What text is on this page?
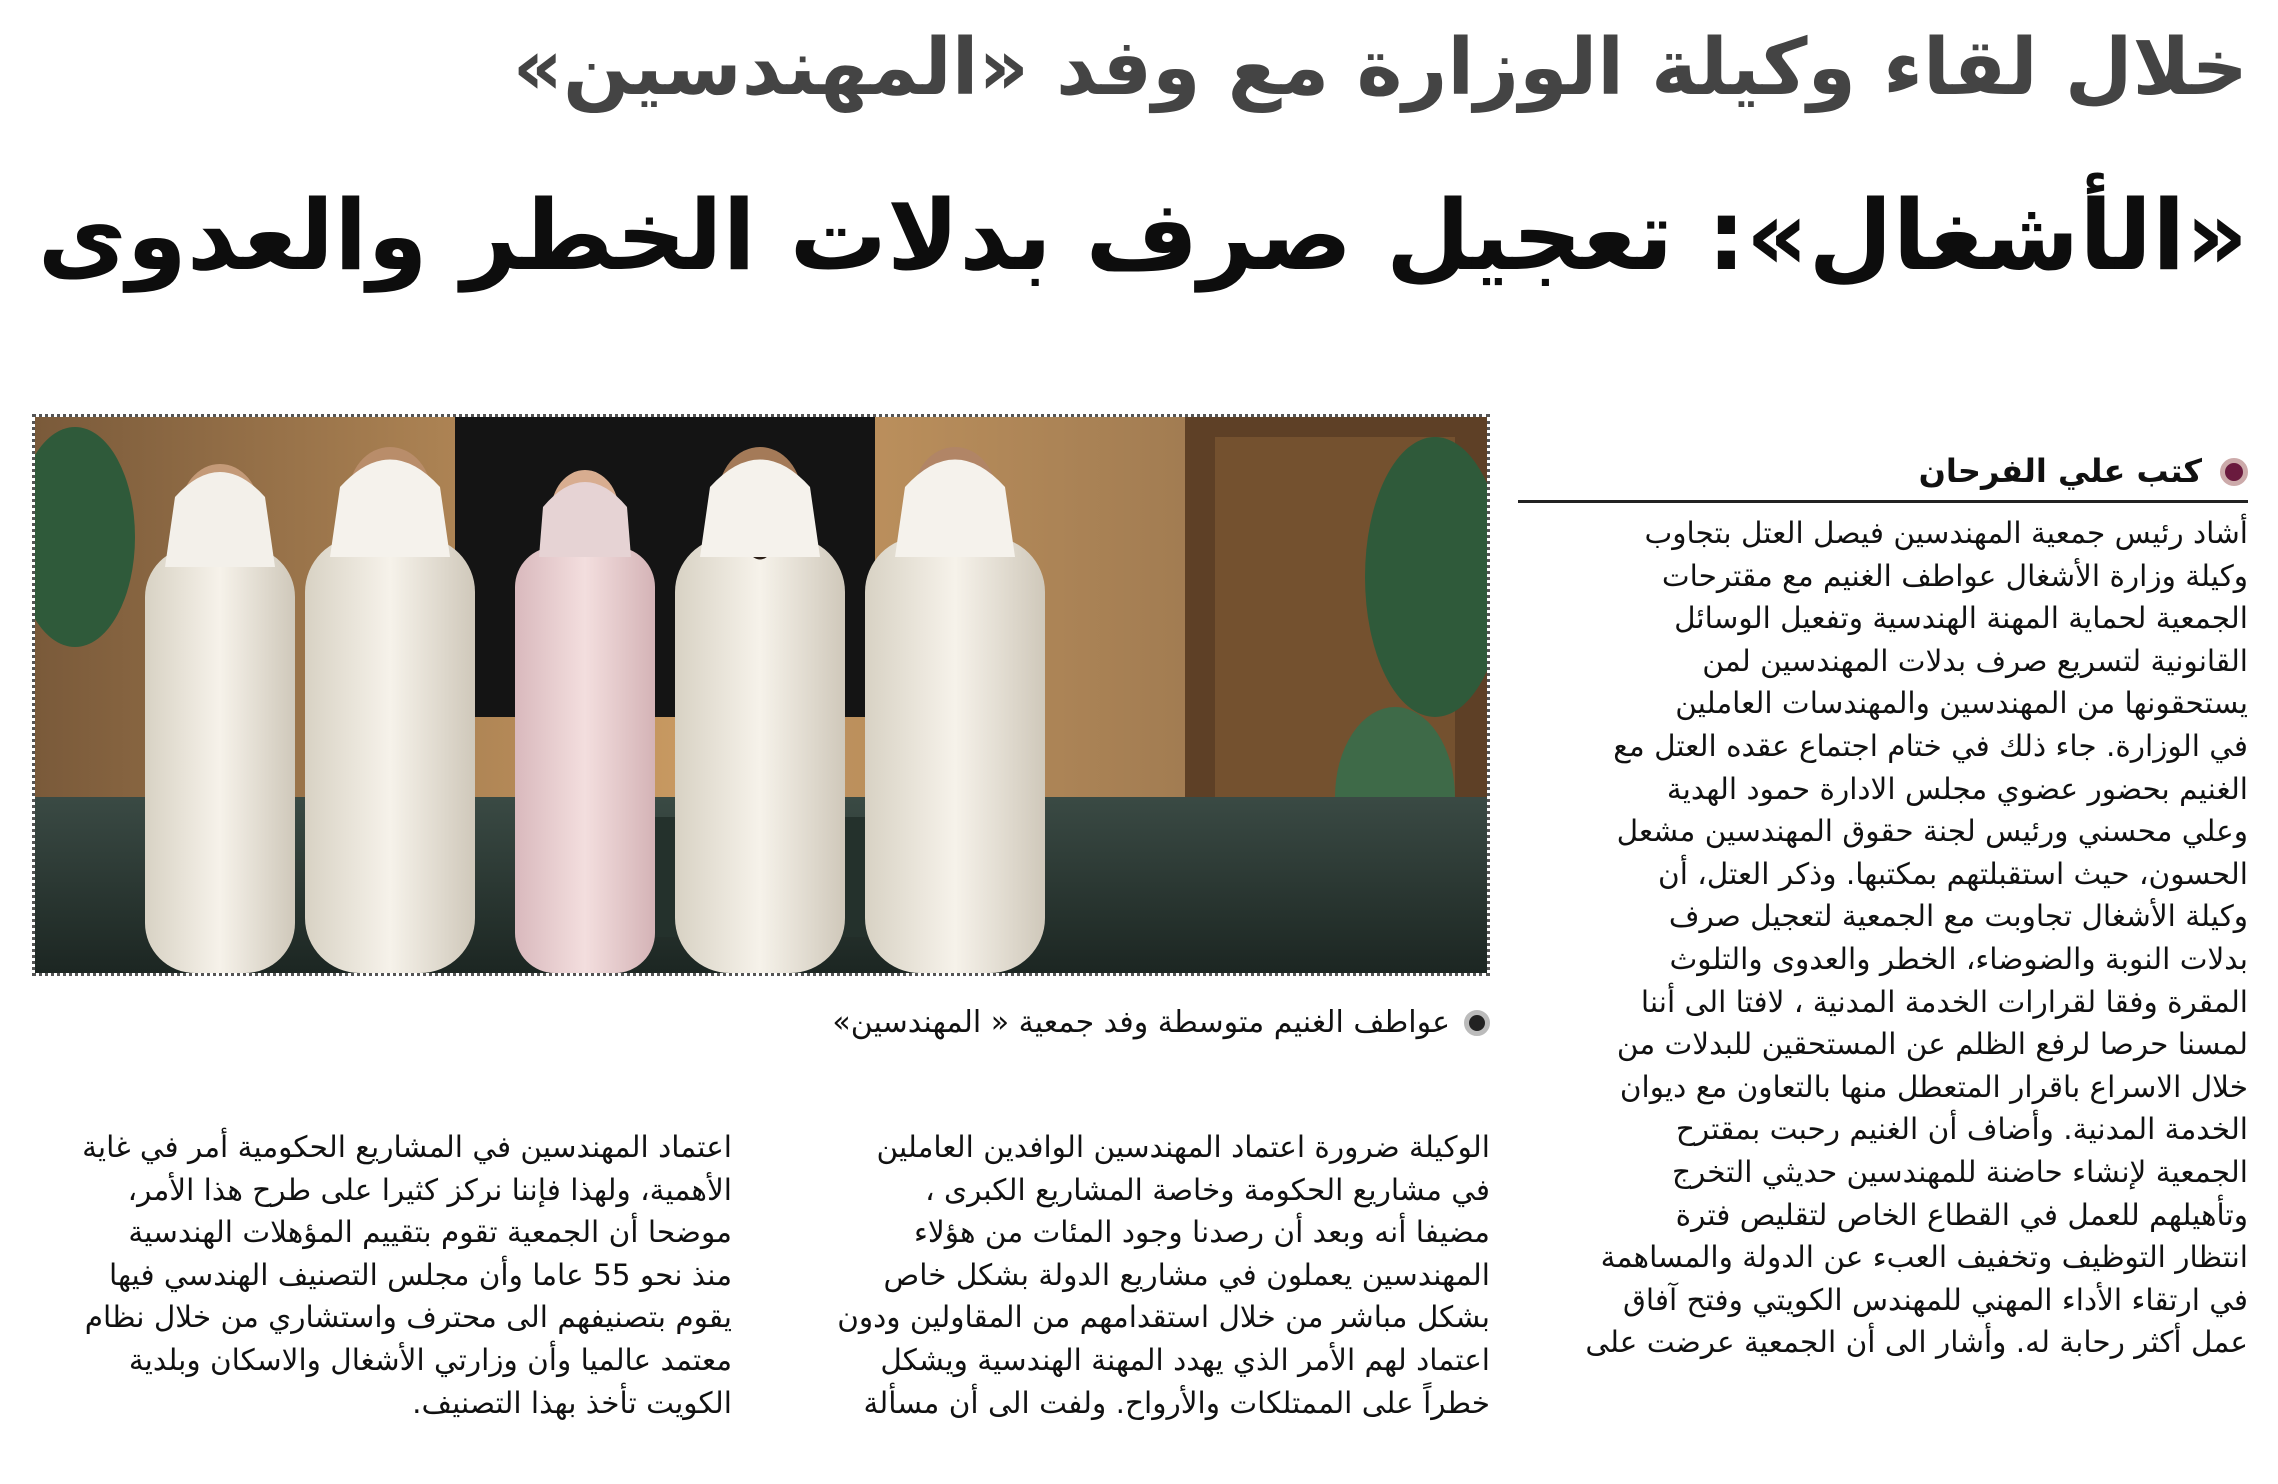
خلال لقاء وكيلة الوزارة مع وفد «المهندسين»
«الأشغال»: تعجيل صرف بدلات الخطر والعدوى
عواطف الغنيم متوسطة وفد جمعية « المهندسين»
كتب علي الفرحان

أشاد رئيس جمعية المهندسين فيصل العتل بتجاوب

وكيلة وزارة الأشغال عواطف الغنيم مع مقترحات

الجمعية لحماية المهنة الهندسية وتفعيل الوسائل

القانونية لتسريع صرف بدلات المهندسين لمن

يستحقونها من المهندسين والمهندسات العاملين

في الوزارة. جاء ذلك في ختام اجتماع عقده العتل مع

الغنيم بحضور عضوي مجلس الادارة حمود الهدية

وعلي محسني ورئيس لجنة حقوق المهندسين مشعل

الحسون، حيث استقبلتهم بمكتبها. وذكر العتل، أن

وكيلة الأشغال تجاوبت مع الجمعية لتعجيل صرف

بدلات النوبة والضوضاء، الخطر والعدوى والتلوث

المقرة وفقا لقرارات الخدمة المدنية ، لافتا الى أننا

لمسنا حرصا لرفع الظلم عن المستحقين للبدلات من

خلال الاسراع باقرار المتعطل منها بالتعاون مع ديوان

الخدمة المدنية. وأضاف أن الغنيم رحبت بمقترح

الجمعية لإنشاء حاضنة للمهندسين حديثي التخرج

وتأهيلهم للعمل في القطاع الخاص لتقليص فترة

انتظار التوظيف وتخفيف العبء عن الدولة والمساهمة

في ارتقاء الأداء المهني للمهندس الكويتي وفتح آفاق

عمل أكثر رحابة له. وأشار الى أن الجمعية عرضت على

الوكيلة ضرورة اعتماد المهندسين الوافدين العاملين

في مشاريع الحكومة وخاصة المشاريع الكبرى ،

مضيفا أنه وبعد أن رصدنا وجود المئات من هؤلاء

المهندسين يعملون في مشاريع الدولة بشكل خاص

بشكل مباشر من خلال استقدامهم من المقاولين ودون

اعتماد لهم الأمر الذي يهدد المهنة الهندسية ويشكل

خطراً على الممتلكات والأرواح. ولفت الى أن مسألة

اعتماد المهندسين في المشاريع الحكومية أمر في غاية

الأهمية، ولهذا فإننا نركز كثيرا على طرح هذا الأمر،

موضحا أن الجمعية تقوم بتقييم المؤهلات الهندسية

منذ نحو 55 عاما وأن مجلس التصنيف الهندسي فيها

يقوم بتصنيفهم الى محترف واستشاري من خلال نظام

معتمد عالميا وأن وزارتي الأشغال والاسكان وبلدية

الكويت تأخذ بهذا التصنيف.
